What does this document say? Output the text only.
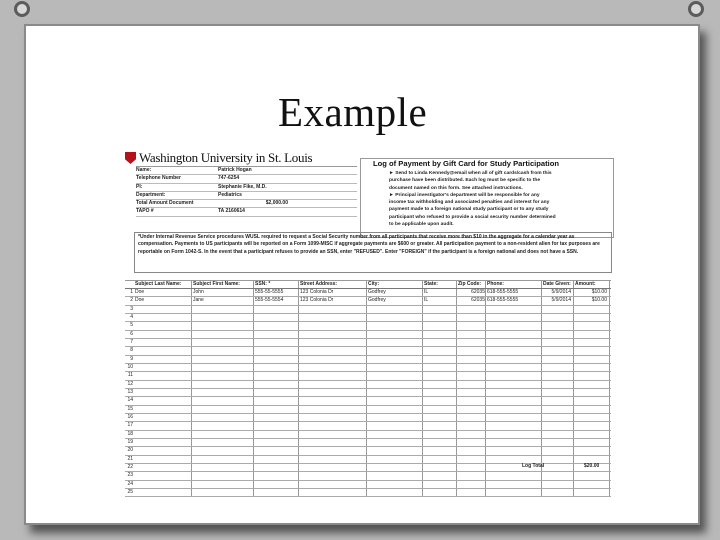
Example
Washington University in St. Louis
Name:	Patrick Hogan
Telephone Number	747-6254
PI:	Stephanie Fike, M.D.
Department:	Pediatrics
Total Amount Document	$2,000.00
TAPO #	TA 2160614
Log of Payment by Gift Card for Study Participation
► Send to Linda Kennedy@email when all of gift cards/cash from this
purchase have been distributed. Each log must be specific to the
document named on this form. See attached instructions.
► Principal investigator's department will be responsible for any
income tax withholding and associated penalties and interest for any
payment made to a foreign national study participant or to any study
participant who refused to provide a social security number determined
to be applicable upon audit.
*Under Internal Revenue Service procedures WUSL required to request a Social Security number from all participants that receive more than $10 in the aggregate for a calendar year as compensation. Payments to US participants will be reported on a Form 1099-MISC if aggregate payments are $600 or greater. All participation payment to a non-resident alien for tax purposes are reportable on Form 1042-S. In the event that a participant refuses to provide an SSN, enter "REFUSED". Enter "FOREIGN" if the participant is a foreign national and does not have a SSN.
Subject Last Name:	Subject First Name:	SSN: *	Street Address:	City:	State:	Zip Code:	Phone:	Date Given: Amount:
1 Doe	John	555-55-5555	123 Colonia Dr	Godfrey	IL	62035 618-555-5555	5/9/2014	$10.00
2 Doe	Jane	555-55-5554	123 Colonia Dr	Godfrey	IL	62035 618-555-5555	5/9/2014	$10.00
3
4
5
6
7
8
9
10
11
12
13
14
15
16
17
18
19
20
21
22
23
24
25
Log Total	$20.00
